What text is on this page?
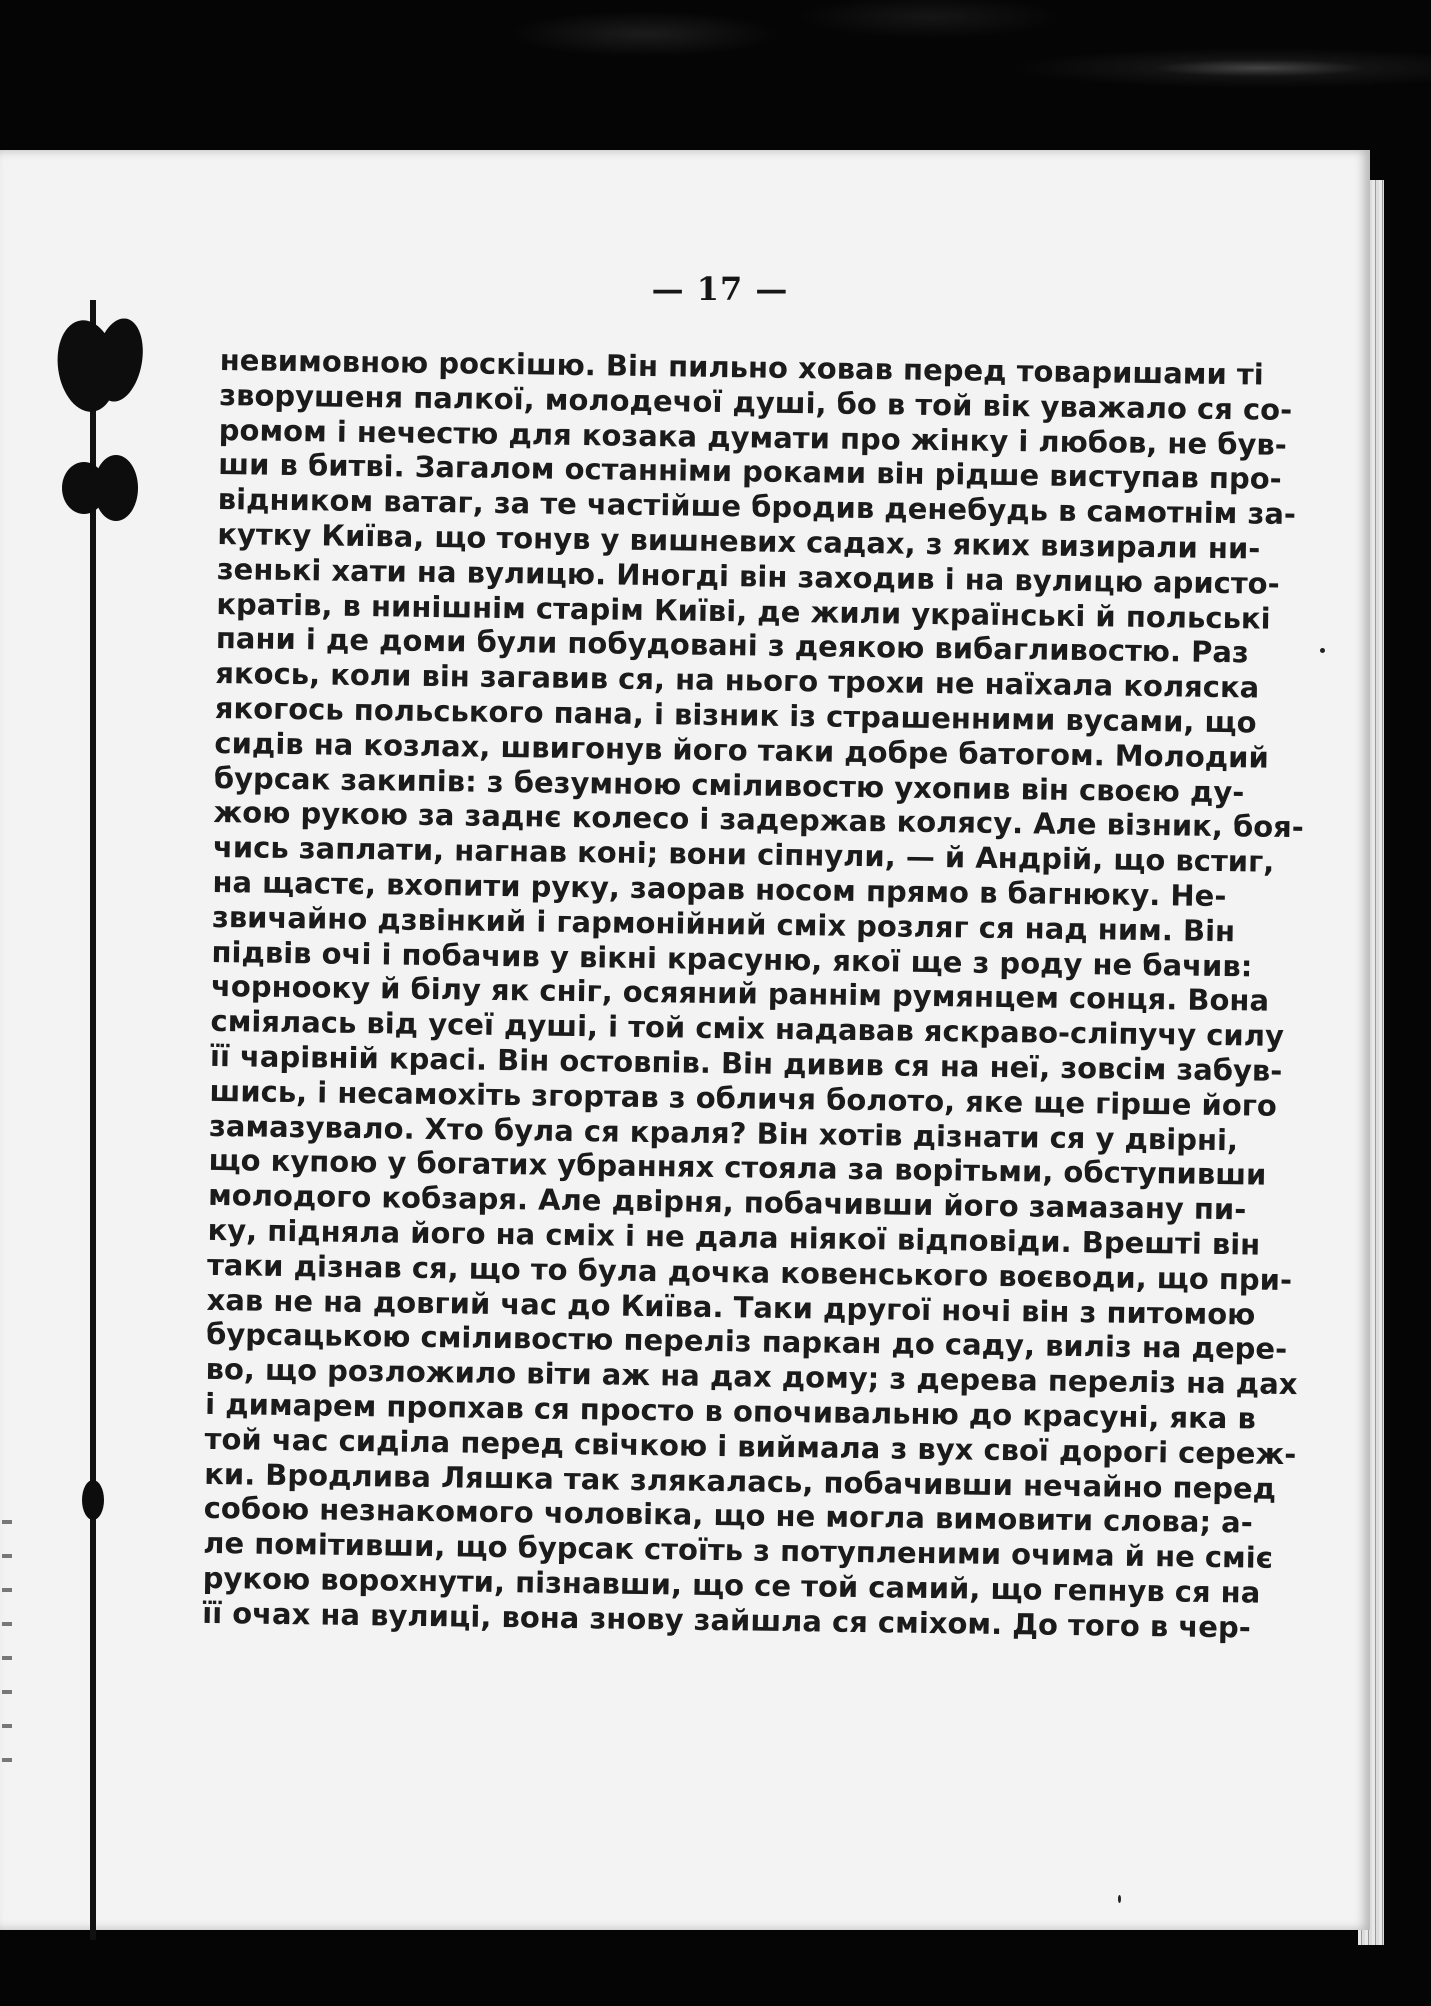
— 17 —
невимовною роскішю. Він пильно ховав перед товаришами ті
зворушеня палкої, молодечої душі, бо в той вік уважало ся со-
ромом і нечестю для козака думати про жінку і любов, не був-
ши в битві. Загалом останніми роками він рідше виступав про-
відником ватаг, за те частійше бродив денебудь в самотнім за-
кутку Київа, що тонув у вишневих садах, з яких визирали ни-
зенькі хати на вулицю. Иногді він заходив і на вулицю аристо-
кратів, в нинішнім старім Київі, де жили українські й польські
пани і де доми були побудовані з деякою вибагливостю. Раз
якось, коли він загавив ся, на нього трохи не наїхала коляска
якогось польського пана, і візник із страшенними вусами, що
сидів на козлах, швигонув його таки добре батогом. Молодий
бурсак закипів: з безумною сміливостю ухопив він своєю ду-
жою рукою за заднє колесо і задержав колясу. Але візник, боя-
чись заплати, нагнав коні; вони сіпнули, — й Андрій, що встиг,
на щастє, вхопити руку, заорав носом прямо в багнюку. Не-
звичайно дзвінкий і гармонійний сміх розляг ся над ним. Він
підвів очі і побачив у вікні красуню, якої ще з роду не бачив:
чорнооку й білу як сніг, осяяний раннім румянцем сонця. Вона
сміялась від усеї душі, і той сміх надавав яскраво-сліпучу силу
її чарівній красі. Він остовпів. Він дивив ся на неї, зовсім забув-
шись, і несамохіть згортав з обличя болото, яке ще гірше його
замазувало. Хто була ся краля? Він хотів дізнати ся у двірні,
що купою у богатих убраннях стояла за ворітьми, обступивши
молодого кобзаря. Але двірня, побачивши його замазану пи-
ку, підняла його на сміх і не дала ніякої відповіди. Врешті він
таки дізнав ся, що то була дочка ковенського воєводи, що при-
хав не на довгий час до Київа. Таки другої ночі він з питомою
бурсацькою сміливостю переліз паркан до саду, виліз на дере-
во, що розложило віти аж на дах дому; з дерева переліз на дах
і димарем пропхав ся просто в опочивальню до красуні, яка в
той час сиділа перед свічкою і виймала з вух свої дорогі сереж-
ки. Вродлива Ляшка так злякалась, побачивши нечайно перед
собою незнакомого чоловіка, що не могла вимовити слова; а-
ле помітивши, що бурсак стоїть з потупленими очима й не сміє
рукою ворохнути, пізнавши, що се той самий, що гепнув ся на
її очах на вулиці, вона знову зайшла ся сміхом. До того в чер-
